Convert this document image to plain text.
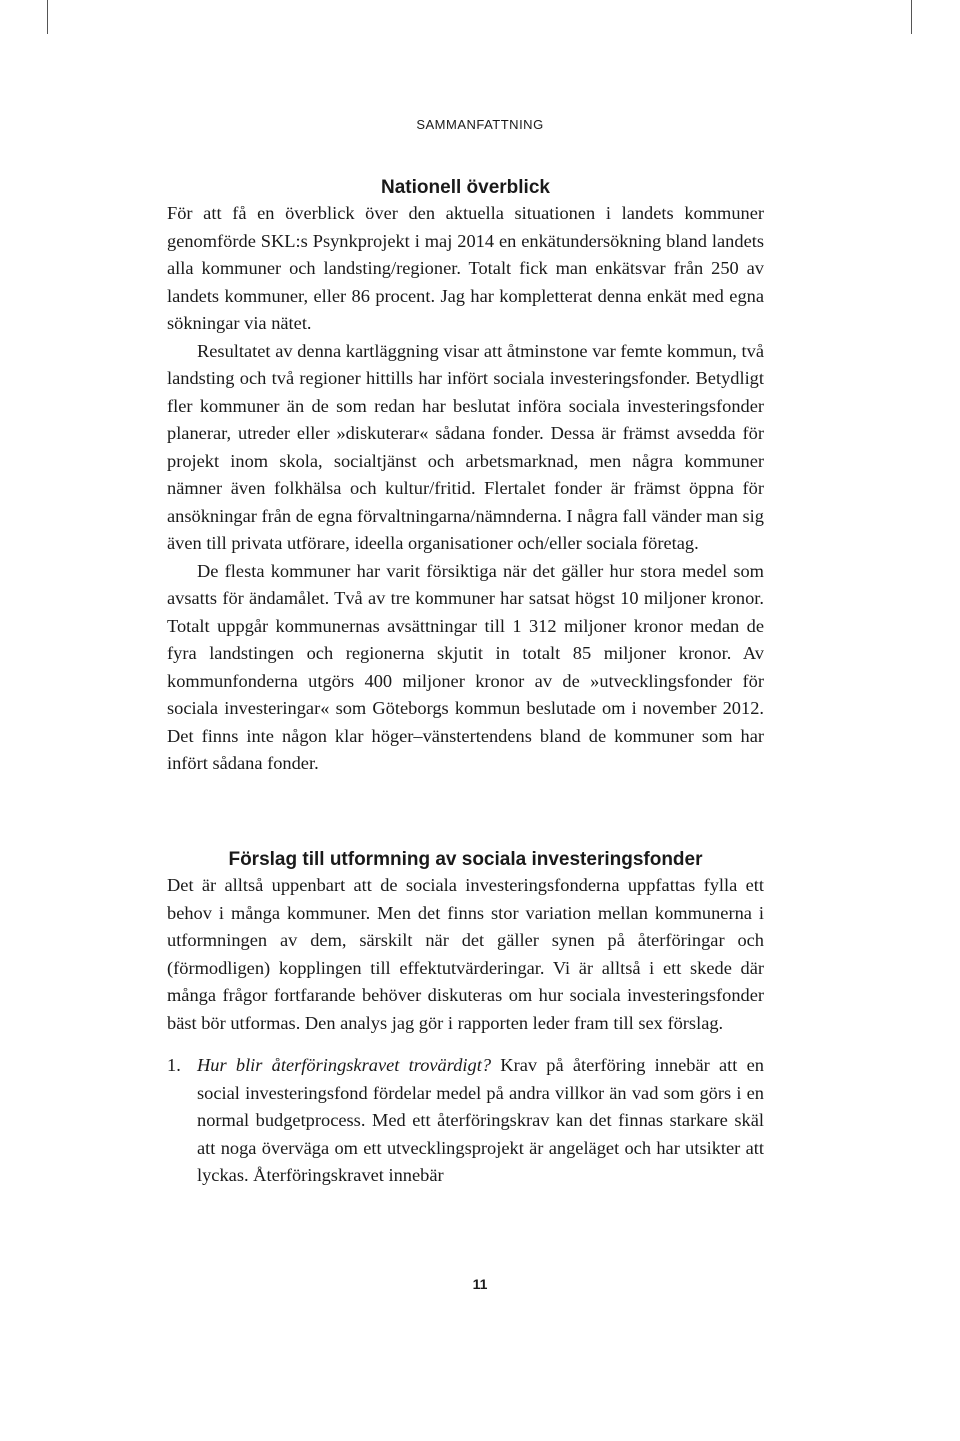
SAMMANFATTNING
Nationell överblick

För att få en överblick över den aktuella situationen i landets kommuner genomförde SKL:s Psynkprojekt i maj 2014 en enkätundersökning bland landets alla kommuner och landsting/regioner. Totalt fick man enkätsvar från 250 av landets kommuner, eller 86 procent. Jag har kompletterat denna enkät med egna sökningar via nätet.

Resultatet av denna kartläggning visar att åtminstone var femte kommun, två landsting och två regioner hittills har infört sociala investeringsfonder. Betydligt fler kommuner än de som redan har beslutat införa sociala investeringsfonder planerar, utreder eller »diskuterar« sådana fonder. Dessa är främst avsedda för projekt inom skola, socialtjänst och arbetsmarknad, men några kommuner nämner även folkhälsa och kultur/fritid. Flertalet fonder är främst öppna för ansökningar från de egna förvaltningarna/nämnderna. I några fall vänder man sig även till privata utförare, ideella organisationer och/eller sociala företag.

De flesta kommuner har varit försiktiga när det gäller hur stora medel som avsatts för ändamålet. Två av tre kommuner har satsat högst 10 miljoner kronor. Totalt uppgår kommunernas avsättningar till 1 312 miljoner kronor medan de fyra landstingen och regionerna skjutit in totalt 85 miljoner kronor. Av kommunfonderna utgörs 400 miljoner kronor av de »utvecklingsfonder för sociala investeringar« som Göteborgs kommun beslutade om i november 2012. Det finns inte någon klar höger–vänstertendens bland de kommuner som har infört sådana fonder.

Förslag till utformning av sociala investeringsfonder

Det är alltså uppenbart att de sociala investeringsfonderna uppfattas fylla ett behov i många kommuner. Men det finns stor variation mellan kommunerna i utformningen av dem, särskilt när det gäller synen på återföringar och (förmodligen) kopplingen till effektutvärderingar. Vi är alltså i ett skede där många frågor fortfarande behöver diskuteras om hur sociala investeringsfonder bäst bör utformas. Den analys jag gör i rapporten leder fram till sex förslag.

1. Hur blir återföringskravet trovärdigt? Krav på återföring innebär att en social investeringsfond fördelar medel på andra villkor än vad som görs i en normal budgetprocess. Med ett återföringskrav kan det finnas starkare skäl att noga överväga om ett utvecklingsprojekt är angeläget och har utsikter att lyckas. Återföringskravet innebär

11
